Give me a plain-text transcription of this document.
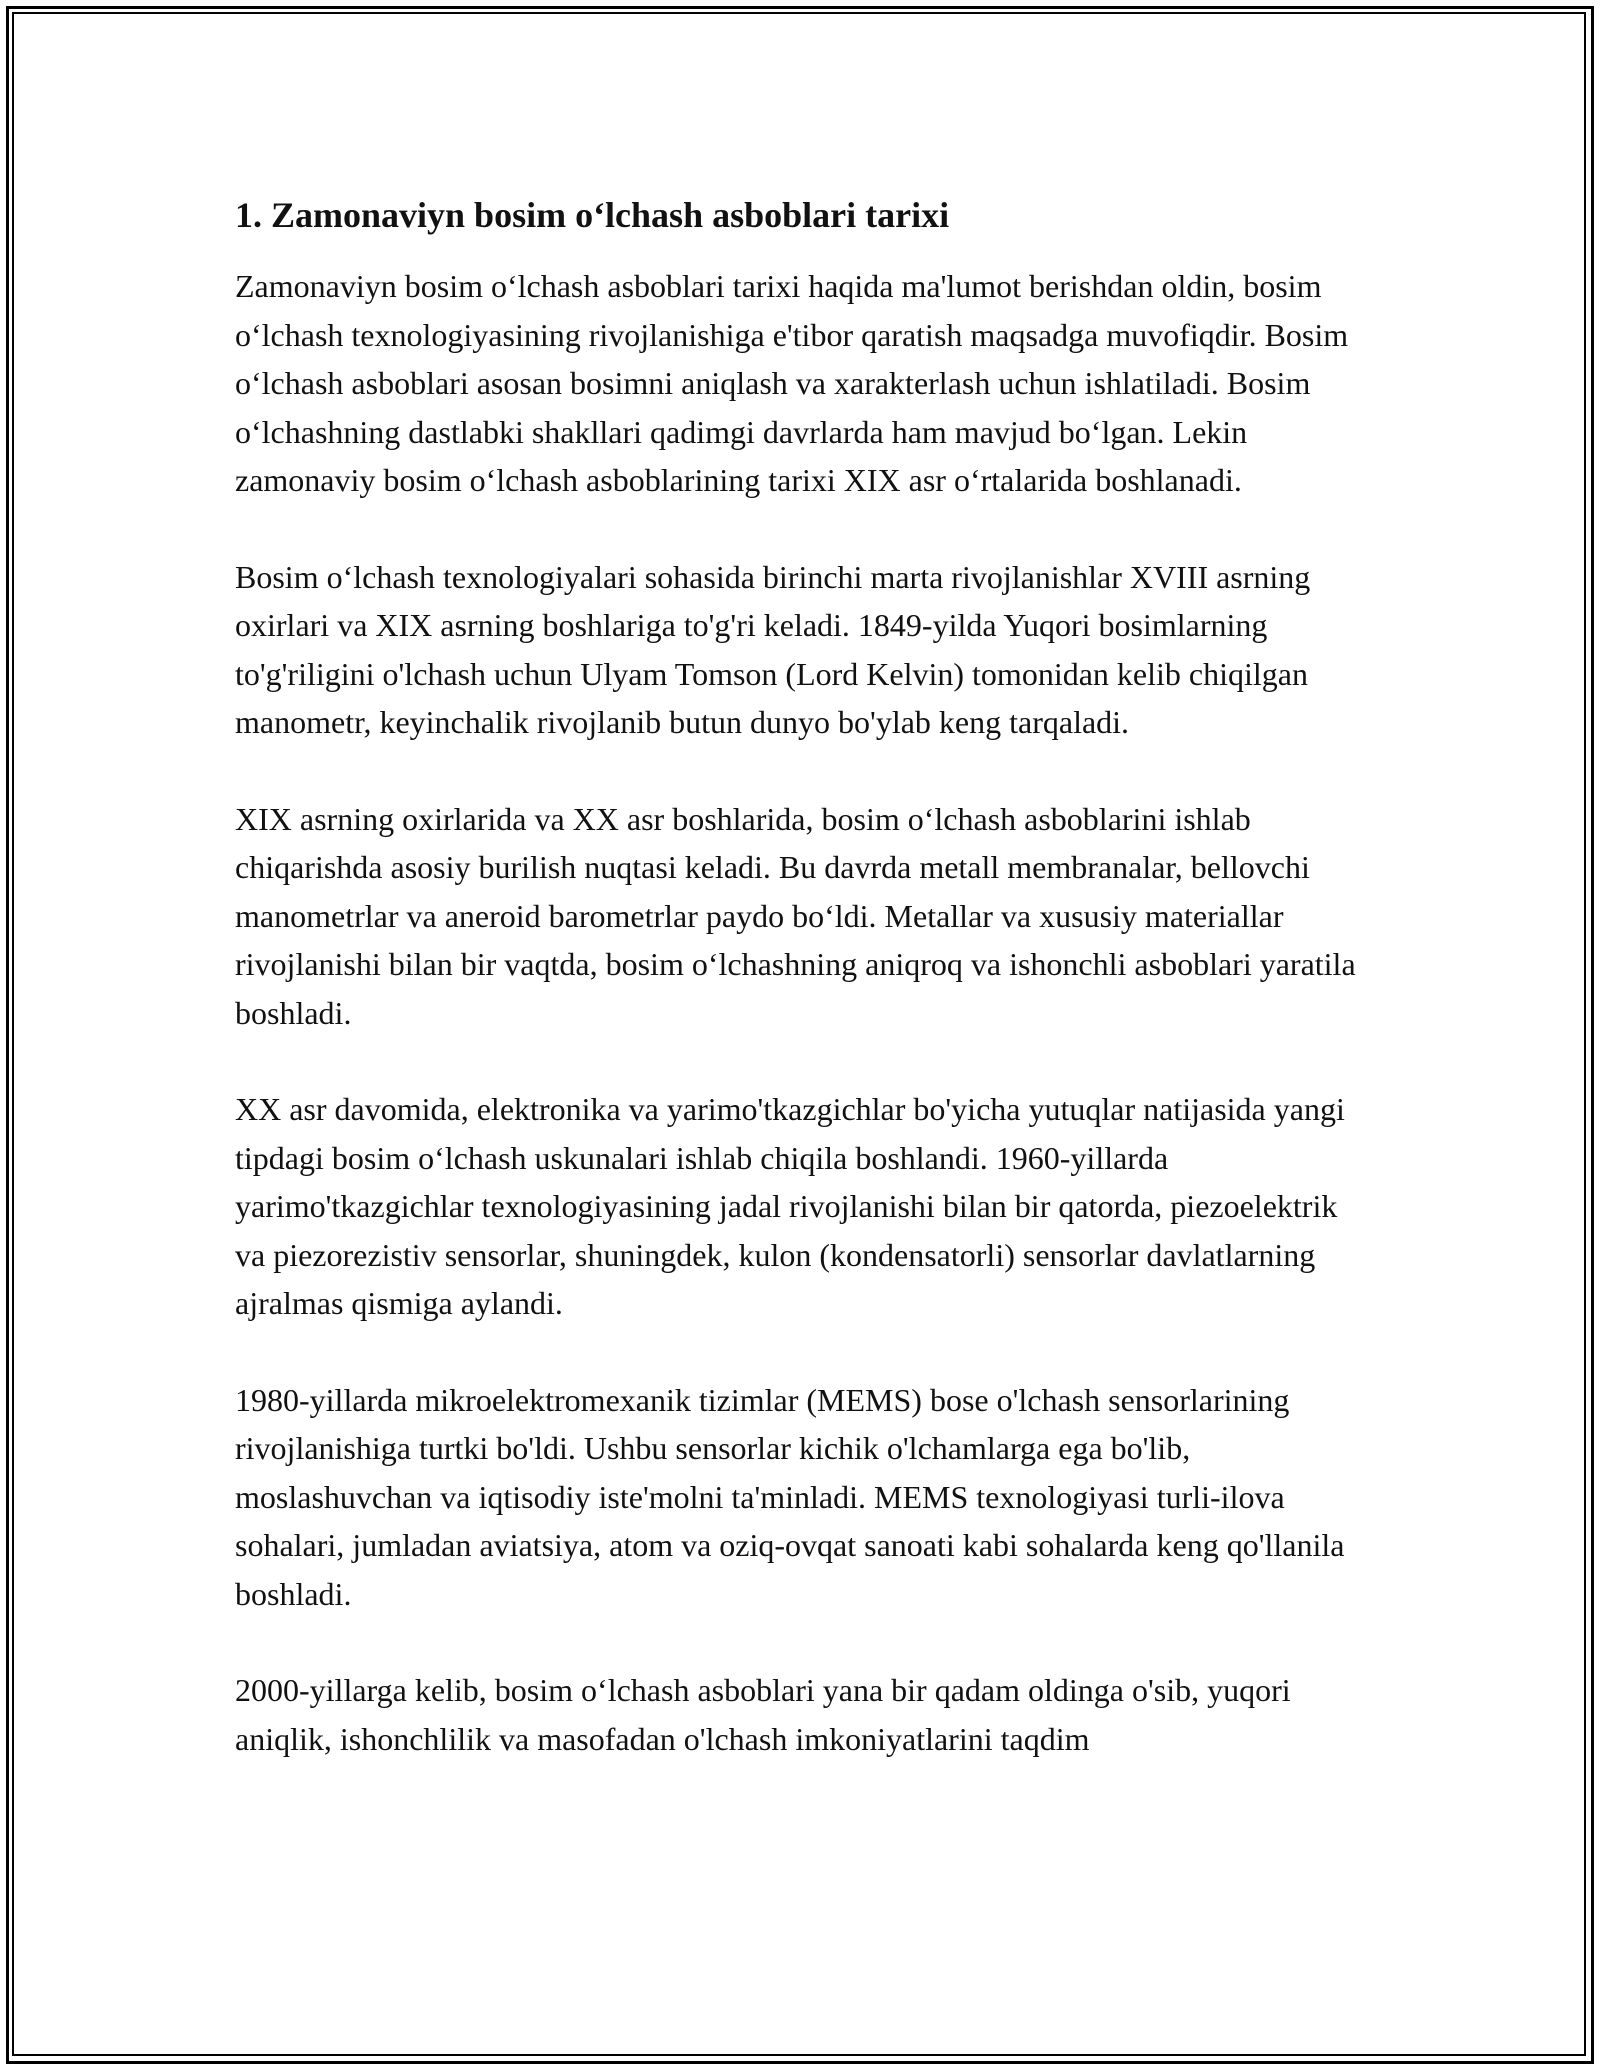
1. Zamonaviyn bosim o‘lchash asboblari tarixi

Zamonaviyn bosim o‘lchash asboblari tarixi haqida ma'lumot berishdan oldin, bosim o‘lchash texnologiyasining rivojlanishiga e'tibor qaratish maqsadga muvofiqdir. Bosim o‘lchash asboblari asosan bosimni aniqlash va xarakterlash uchun ishlatiladi. Bosim o‘lchashning dastlabki shakllari qadimgi davrlarda ham mavjud bo‘lgan. Lekin zamonaviy bosim o‘lchash asboblarining tarixi XIX asr o‘rtalarida boshlanadi.

Bosim o‘lchash texnologiyalari sohasida birinchi marta rivojlanishlar XVIII asrning oxirlari va XIX asrning boshlariga to'g'ri keladi. 1849-yilda Yuqori bosimlarning to'g'riligini o'lchash uchun Ulyam Tomson (Lord Kelvin) tomonidan kelib chiqilgan manometr, keyinchalik rivojlanib butun dunyo bo'ylab keng tarqaladi.

XIX asrning oxirlarida va XX asr boshlarida, bosim o‘lchash asboblarini ishlab chiqarishda asosiy burilish nuqtasi keladi. Bu davrda metall membranalar, bellovchi manometrlar va aneroid barometrlar paydo bo‘ldi. Metallar va xususiy materiallar rivojlanishi bilan bir vaqtda, bosim o‘lchashning aniqroq va ishonchli asboblari yaratila boshladi.

XX asr davomida, elektronika va yarimo'tkazgichlar bo'yicha yutuqlar natijasida yangi tipdagi bosim o‘lchash uskunalari ishlab chiqila boshlandi. 1960-yillarda yarimo'tkazgichlar texnologiyasining jadal rivojlanishi bilan bir qatorda, piezoelektrik va piezorezistiv sensorlar, shuningdek, kulon (kondensatorli) sensorlar davlatlarning ajralmas qismiga aylandi.

1980-yillarda mikroelektromexanik tizimlar (MEMS) bose o'lchash sensorlarining rivojlanishiga turtki bo'ldi. Ushbu sensorlar kichik o'lchamlarga ega bo'lib, moslashuvchan va iqtisodiy iste'molni ta'minladi. MEMS texnologiyasi turli-ilova sohalari, jumladan aviatsiya, atom va oziq-ovqat sanoati kabi sohalarda keng qo'llanila boshladi.

2000-yillarga kelib, bosim o‘lchash asboblari yana bir qadam oldinga o'sib, yuqori aniqlik, ishonchlilik va masofadan o'lchash imkoniyatlarini taqdim
